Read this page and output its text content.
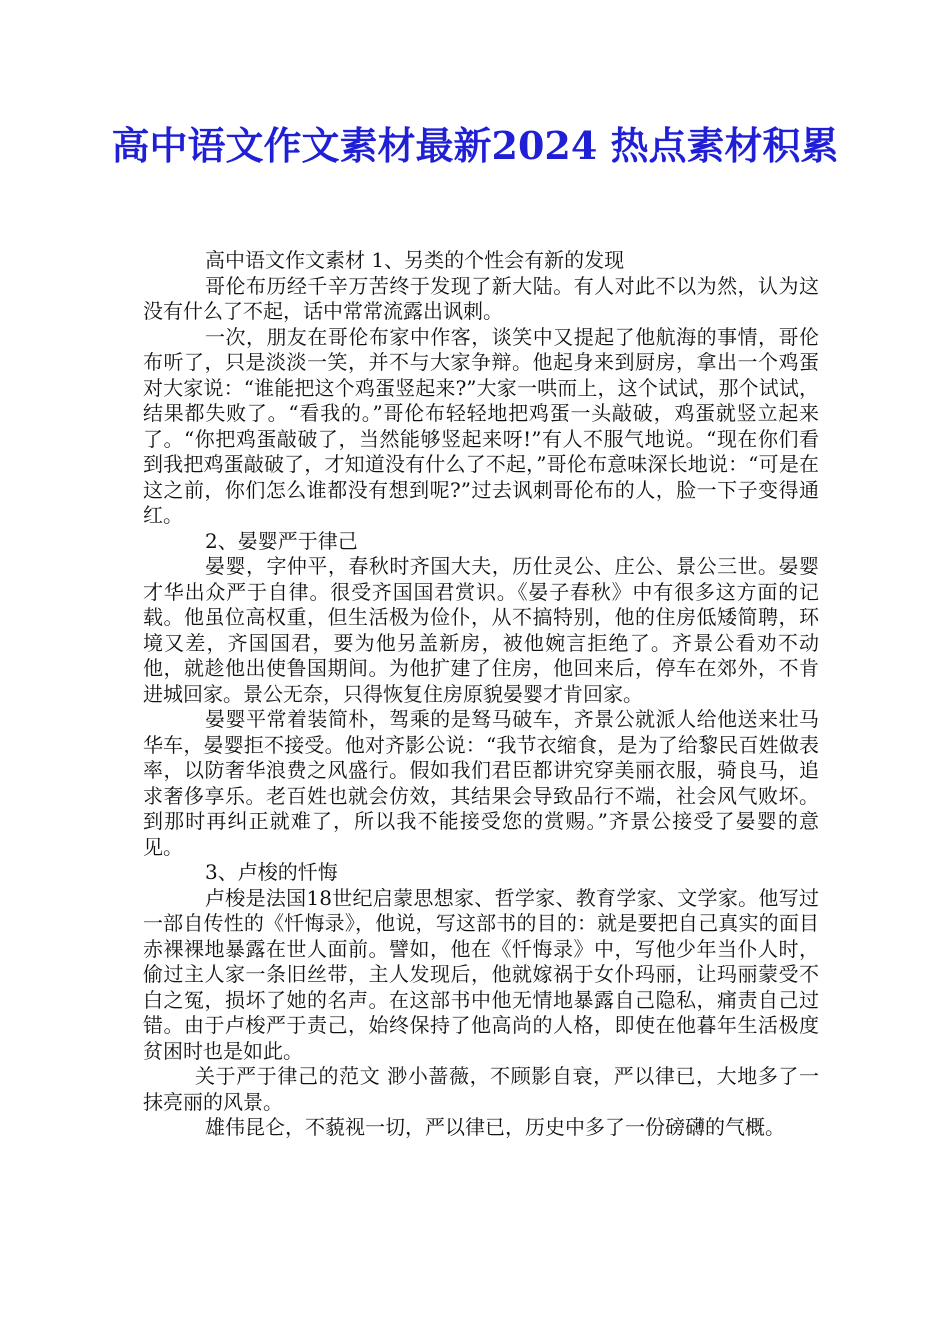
高中语文作文素材最新2024 热点素材积累

高中语文作文素材 1、另类的个性会有新的发现

哥伦布历经千辛万苦终于发现了新大陆。有人对此不以为然，认为这没有什么了不起，话中常常流露出讽刺。

一次，朋友在哥伦布家中作客，谈笑中又提起了他航海的事情，哥伦布听了，只是淡淡一笑，并不与大家争辩。他起身来到厨房，拿出一个鸡蛋对大家说：“谁能把这个鸡蛋竖起来?”大家一哄而上，这个试试，那个试试，结果都失败了。“看我的。”哥伦布轻轻地把鸡蛋一头敲破，鸡蛋就竖立起来了。“你把鸡蛋敲破了，当然能够竖起来呀!”有人不服气地说。“现在你们看到我把鸡蛋敲破了，才知道没有什么了不起，”哥伦布意味深长地说：“可是在这之前，你们怎么谁都没有想到呢?”过去讽刺哥伦布的人，脸一下子变得通红。

2、晏婴严于律己

晏婴，字仲平，春秋时齐国大夫，历仕灵公、庄公、景公三世。晏婴才华出众严于自律。很受齐国国君赏识。《晏子春秋》中有很多这方面的记载。他虽位高权重，但生活极为俭仆，从不搞特别，他的住房低矮简聘，环境又差，齐国国君，要为他另盖新房，被他婉言拒绝了。齐景公看劝不动他，就趁他出使鲁国期间。为他扩建了住房，他回来后，停车在郊外，不肯进城回家。景公无奈，只得恢复住房原貌晏婴才肯回家。

晏婴平常着装简朴，驾乘的是驽马破车，齐景公就派人给他送来壮马华车，晏婴拒不接受。他对齐影公说：“我节衣缩食，是为了给黎民百姓做表率，以防奢华浪费之风盛行。假如我们君臣都讲究穿美丽衣服，骑良马，追求奢侈享乐。老百姓也就会仿效，其结果会导致品行不端，社会风气败坏。到那时再纠正就难了，所以我不能接受您的赏赐。”齐景公接受了晏婴的意见。

3、卢梭的忏悔

卢梭是法国18世纪启蒙思想家、哲学家、教育学家、文学家。他写过一部自传性的《忏悔录》，他说，写这部书的目的：就是要把自己真实的面目赤裸裸地暴露在世人面前。譬如，他在《忏悔录》中，写他少年当仆人时，偷过主人家一条旧丝带，主人发现后，他就嫁祸于女仆玛丽，让玛丽蒙受不白之冤，损坏了她的名声。在这部书中他无情地暴露自己隐私，痛责自己过错。由于卢梭严于责己，始终保持了他高尚的人格，即使在他暮年生活极度贫困时也是如此。

关于严于律己的范文 渺小蔷薇，不顾影自衰，严以律已，大地多了一抹亮丽的风景。

雄伟昆仑，不藐视一切，严以律已，历史中多了一份磅礴的气概。
